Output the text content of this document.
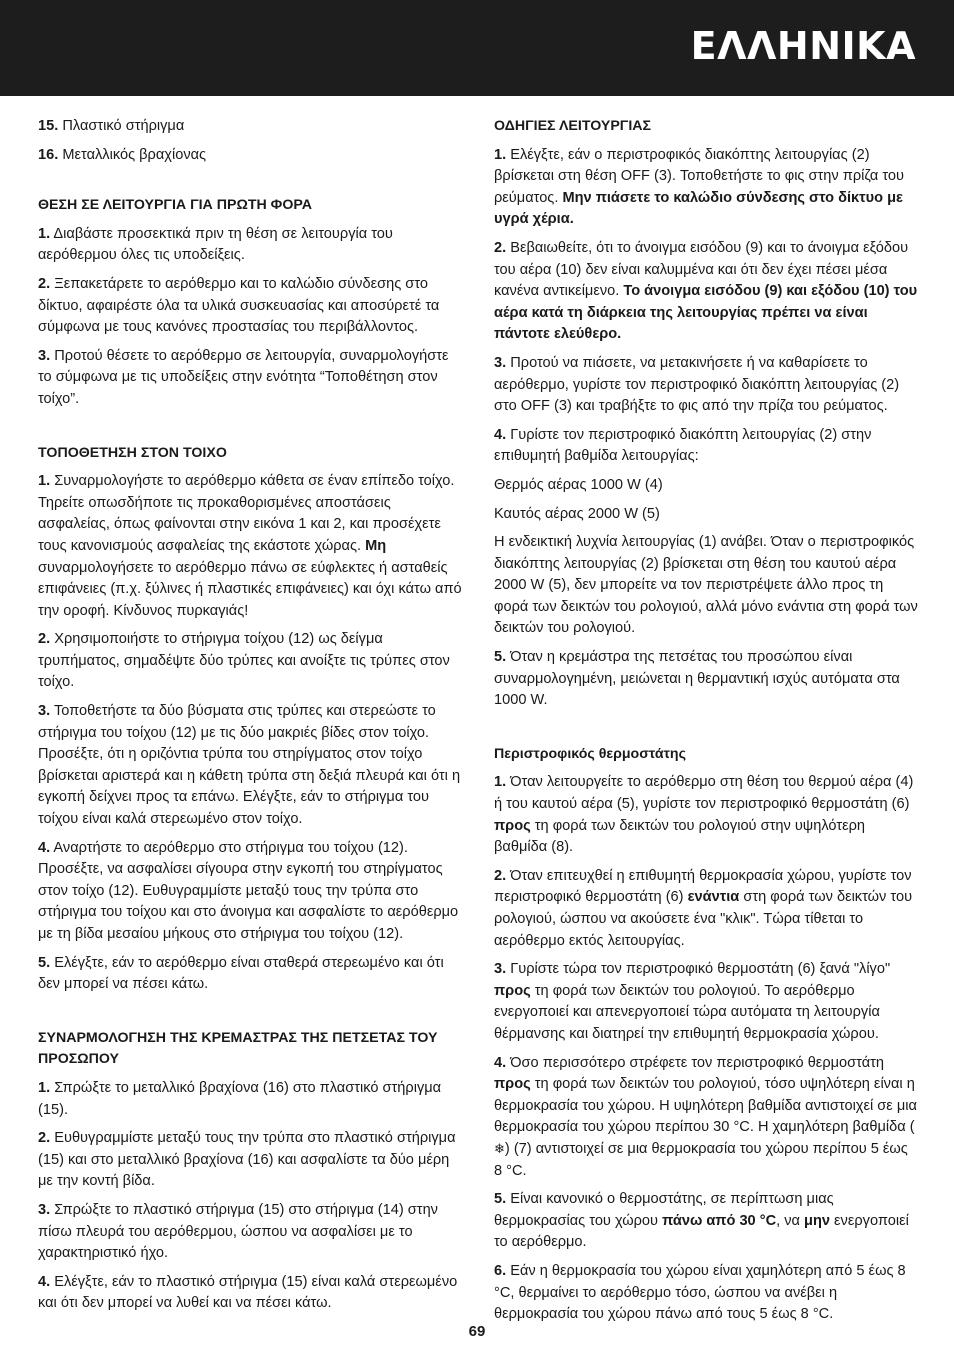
ΕΛΛΗΝΙΚΑ

15. Πλαστικό στήριγμα

16. Μεταλλικός βραχίονας

ΘΕΣΗ ΣΕ ΛΕΙΤΟΥΡΓΙΑ ΓΙΑ ΠΡΩΤΗ ΦΟΡΑ

1. Διαβάστε προσεκτικά πριν τη θέση σε λειτουργία του αερόθερμου όλες τις υποδείξεις.

2. Ξεπακετάρετε το αερόθερμο και το καλώδιο σύνδεσης στο δίκτυο, αφαιρέστε όλα τα υλικά συσκευασίας και αποσύρετέ τα σύμφωνα με τους κανόνες προστασίας του περιβάλλοντος.

3. Προτού θέσετε το αερόθερμο σε λειτουργία, συναρμολογήστε το σύμφωνα με τις υποδείξεις στην ενότητα “Τοποθέτηση στον τοίχο”.

ΤΟΠΟΘΕΤΗΣΗ ΣΤΟΝ ΤΟΙΧΟ

1. Συναρμολογήστε το αερόθερμο κάθετα σε έναν επίπεδο τοίχο. Τηρείτε οπωσδήποτε τις προκαθορισμένες αποστάσεις ασφαλείας, όπως φαίνονται στην εικόνα 1 και 2, και προσέχετε τους κανονισμούς ασφαλείας της εκάστοτε χώρας. Μη συναρμολογήσετε το αερόθερμο πάνω σε εύφλεκτες ή ασταθείς επιφάνειες (π.χ. ξύλινες ή πλαστικές επιφάνειες) και όχι κάτω από την οροφή. Κίνδυνος πυρκαγιάς!

2. Χρησιμοποιήστε το στήριγμα τοίχου (12) ως δείγμα τρυπήματος, σημαδέψτε δύο τρύπες και ανοίξτε τις τρύπες στον τοίχο.

3. Τοποθετήστε τα δύο βύσματα στις τρύπες και στερεώστε το στήριγμα του τοίχου (12) με τις δύο μακριές βίδες στον τοίχο. Προσέξτε, ότι η οριζόντια τρύπα του στηρίγματος στον τοίχο βρίσκεται αριστερά και η κάθετη τρύπα στη δεξιά πλευρά και ότι η εγκοπή δείχνει προς τα επάνω. Ελέγξτε, εάν το στήριγμα του τοίχου είναι καλά στερεωμένο στον τοίχο.

4. Αναρτήστε το αερόθερμο στο στήριγμα του τοίχου (12). Προσέξτε, να ασφαλίσει σίγουρα στην εγκοπή του στηρίγματος στον τοίχο (12). Ευθυγραμμίστε μεταξύ τους την τρύπα στο στήριγμα του τοίχου και στο άνοιγμα και ασφαλίστε το αερόθερμο με τη βίδα μεσαίου μήκους στο στήριγμα του τοίχου (12).

5. Ελέγξτε, εάν το αερόθερμο είναι σταθερά στερεωμένο και ότι δεν μπορεί να πέσει κάτω.

ΣΥΝΑΡΜΟΛΟΓΗΣΗ ΤΗΣ ΚΡΕΜΑΣΤΡΑΣ ΤΗΣ ΠΕΤΣΕΤΑΣ ΤΟΥ ΠΡΟΣΩΠΟΥ

1. Σπρώξτε το μεταλλικό βραχίονα (16) στο πλαστικό στήριγμα (15).

2. Ευθυγραμμίστε μεταξύ τους την τρύπα στο πλαστικό στήριγμα (15) και στο μεταλλικό βραχίονα (16) και ασφαλίστε τα δύο μέρη με την κοντή βίδα.

3. Σπρώξτε το πλαστικό στήριγμα (15) στο στήριγμα (14) στην πίσω πλευρά του αερόθερμου, ώσπου να ασφαλίσει με το χαρακτηριστικό ήχο.

4. Ελέγξτε, εάν το πλαστικό στήριγμα (15) είναι καλά στερεωμένο και ότι δεν μπορεί να λυθεί και να πέσει κάτω.

ΟΔΗΓΙΕΣ ΛΕΙΤΟΥΡΓΙΑΣ

1. Ελέγξτε, εάν ο περιστροφικός διακόπτης λειτουργίας (2) βρίσκεται στη θέση OFF (3). Τοποθετήστε το φις στην πρίζα του ρεύματος. Μην πιάσετε το καλώδιο σύνδεσης στο δίκτυο με υγρά χέρια.

2. Βεβαιωθείτε, ότι το άνοιγμα εισόδου (9) και το άνοιγμα εξόδου του αέρα (10) δεν είναι καλυμμένα και ότι δεν έχει πέσει μέσα κανένα αντικείμενο. Το άνοιγμα εισόδου (9) και εξόδου (10) του αέρα κατά τη διάρκεια της λειτουργίας πρέπει να είναι πάντοτε ελεύθερο.

3. Προτού να πιάσετε, να μετακινήσετε ή να καθαρίσετε το αερόθερμο, γυρίστε τον περιστροφικό διακόπτη λειτουργίας (2) στο OFF (3) και τραβήξτε το φις από την πρίζα του ρεύματος.

4. Γυρίστε τον περιστροφικό διακόπτη λειτουργίας (2) στην επιθυμητή βαθμίδα λειτουργίας:

Θερμός αέρας 1000 W (4)

Καυτός αέρας 2000 W (5)

Η ενδεικτική λυχνία λειτουργίας (1) ανάβει. Όταν ο περιστροφικός διακόπτης λειτουργίας (2) βρίσκεται στη θέση του καυτού αέρα 2000 W (5), δεν μπορείτε να τον περιστρέψετε άλλο προς τη φορά των δεικτών του ρολογιού, αλλά μόνο ενάντια στη φορά των δεικτών του ρολογιού.

5. Όταν η κρεμάστρα της πετσέτας του προσώπου είναι συναρμολογημένη, μειώνεται η θερμαντική ισχύς αυτόματα στα 1000 W.

Περιστροφικός θερμοστάτης

1. Όταν λειτουργείτε το αερόθερμο στη θέση του θερμού αέρα (4) ή του καυτού αέρα (5), γυρίστε τον περιστροφικό θερμοστάτη (6) προς τη φορά των δεικτών του ρολογιού στην υψηλότερη βαθμίδα (8).

2. Όταν επιτευχθεί η επιθυμητή θερμοκρασία χώρου, γυρίστε τον περιστροφικό θερμοστάτη (6) ενάντια στη φορά των δεικτών του ρολογιού, ώσπου να ακούσετε ένα "κλικ". Τώρα τίθεται το αερόθερμο εκτός λειτουργίας.

3. Γυρίστε τώρα τον περιστροφικό θερμοστάτη (6) ξανά "λίγο" προς τη φορά των δεικτών του ρολογιού. Το αερόθερμο ενεργοποιεί και απενεργοποιεί τώρα αυτόματα τη λειτουργία θέρμανσης και διατηρεί την επιθυμητή θερμοκρασία χώρου.

4. Όσο περισσότερο στρέφετε τον περιστροφικό θερμοστάτη προς τη φορά των δεικτών του ρολογιού, τόσο υψηλότερη είναι η θερμοκρασία του χώρου. Η υψηλότερη βαθμίδα αντιστοιχεί σε μια θερμοκρασία του χώρου περίπου 30 °C. Η χαμηλότερη βαθμίδα (❄) (7) αντιστοιχεί σε μια θερμοκρασία του χώρου περίπου 5 έως 8 °C.

5. Είναι κανονικό ο θερμοστάτης, σε περίπτωση μιας θερμοκρασίας του χώρου πάνω από 30 °C, να μην ενεργοποιεί το αερόθερμο.

6. Εάν η θερμοκρασία του χώρου είναι χαμηλότερη από 5 έως 8 °C, θερμαίνει το αερόθερμο τόσο, ώσπου να ανέβει η θερμοκρασία του χώρου πάνω από τους 5 έως 8 °C.

69
